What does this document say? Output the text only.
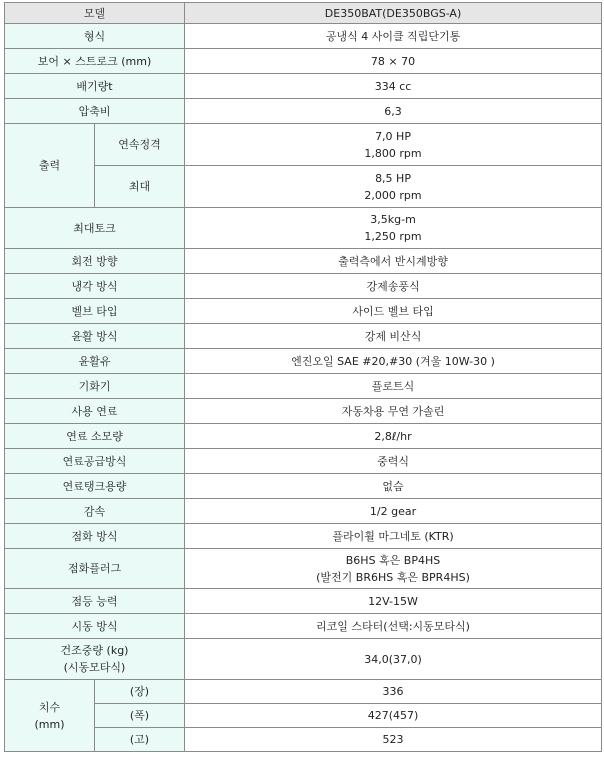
모델		DE350BAT(DE350BGS-A)
형식		공냉식 4 사이클 직립단기통
보어 × 스트로크 (mm)		78 × 70
배기량t		334 cc
압축비		6,3
출력	연속정격	7,0 HP
1,800 rpm

	최대	8,5 HP
2,000 rpm

최대토크		3,5kg-m
1,250 rpm

회전 방향		출력측에서 반시계방향
냉각 방식		강제송풍식
벨브 타입		사이드 벨브 타입
윤활 방식		강제 비산식
윤활유		엔진오일 SAE #20,#30 (겨울 10W-30 )
기화기		플로트식
사용 연료		자동차용 무연 가솔린
연료 소모량		2,8ℓ/hr
연료공급방식		중력식
연료탱크용량		없슴
감속		1/2 gear
점화 방식		플라이휠 마그네토 (KTR)
점화플러그		B6HS 혹은 BP4HS
(발전기 BR6HS 혹은 BPR4HS)

점등 능력		12V-15W
시동 방식		리코일 스타터(선택:시동모타식)

건조중량 (kg)
(시동모타식)		34,0(37,0)

치수
(mm)	(장)	336
	(폭)	427(457)
	(고)	523
